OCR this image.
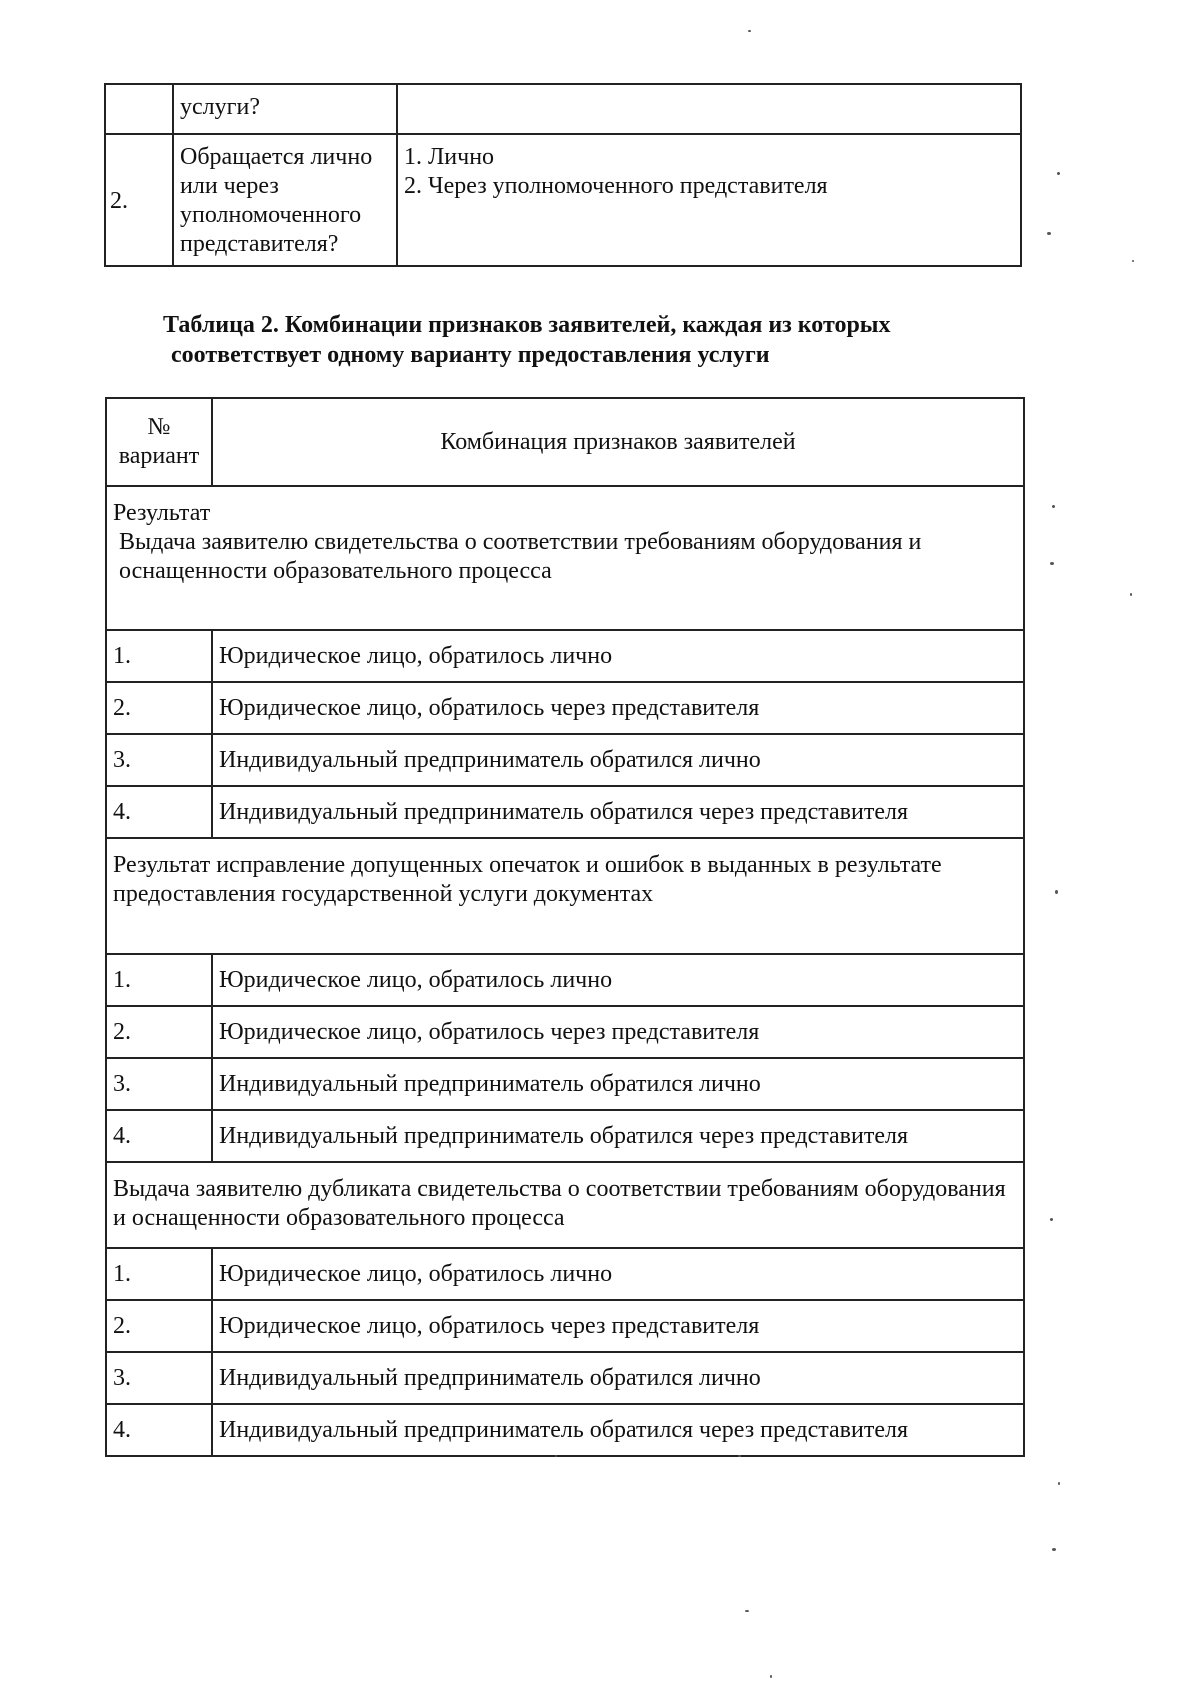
	услуги?	
2.	Обращается лично или через уполномоченного представителя?	1. Лично
2. Через уполномоченного представителя
Таблица 2. Комбинации признаков заявителей, каждая из которых
соответствует одному варианту предоставления услуги
№ вариант	Комбинация признаков заявителей

Результат
Выдача заявителю свидетельства о соответствии требованиям оборудования и оснащенности образовательного процесса	

1.	Юридическое лицо, обратилось лично
2.	Юридическое лицо, обратилось через представителя
3.	Индивидуальный предприниматель обратился лично
4.	Индивидуальный предприниматель обратился через представителя

Результат исправление допущенных опечаток и ошибок в выданных в результате предоставления государственной услуги документах	

1.	Юридическое лицо, обратилось лично
2.	Юридическое лицо, обратилось через представителя
3.	Индивидуальный предприниматель обратился лично
4.	Индивидуальный предприниматель обратился через представителя

Выдача заявителю дубликата свидетельства о соответствии требованиям оборудования и оснащенности образовательного процесса	

1.	Юридическое лицо, обратилось лично
2.	Юридическое лицо, обратилось через представителя
3.	Индивидуальный предприниматель обратился лично
4.	Индивидуальный предприниматель обратился через представителя
